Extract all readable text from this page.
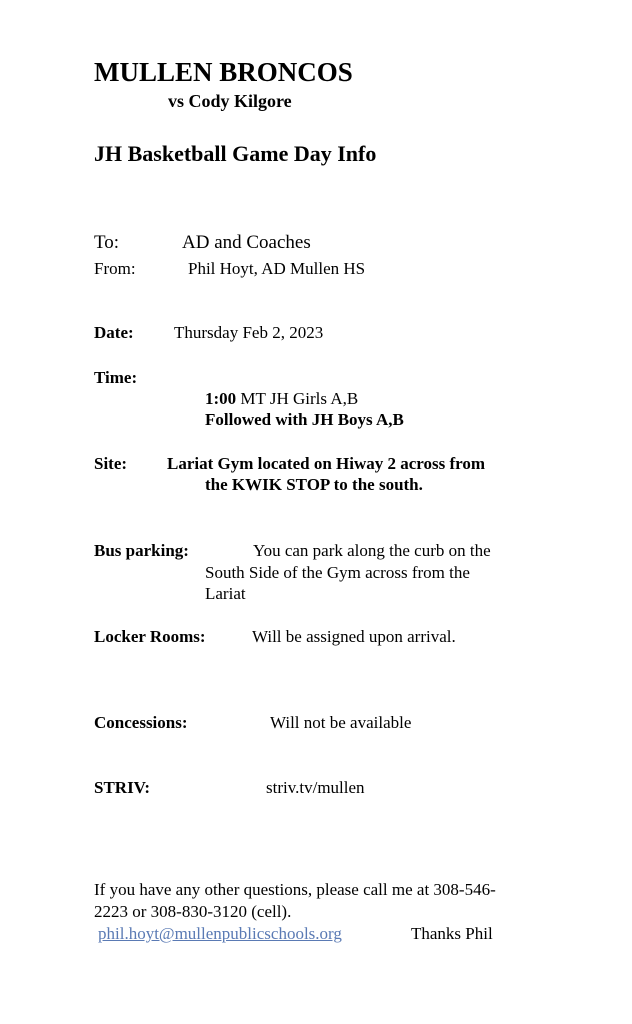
MULLEN BRONCOS
vs Cody Kilgore
JH Basketball Game Day Info
To:	AD and Coaches
From:	Phil Hoyt, AD Mullen HS
Date: Thursday Feb 2, 2023
Time:
1:00 MT JH Girls A,B
Followed with JH Boys A,B
Site: Lariat Gym located on Hiway 2 across from
the KWIK STOP to the south.
Bus parking:	You can park along the curb on the
South Side of the Gym across from the
Lariat
Locker Rooms:	Will be assigned upon arrival.
Concessions:	Will not be available
STRIV:	striv.tv/mullen
If you have any other questions, please call me at 308-546-
2223 or 308-830-3120 (cell).
phil.hoyt@mullenpublicschools.org	Thanks Phil
